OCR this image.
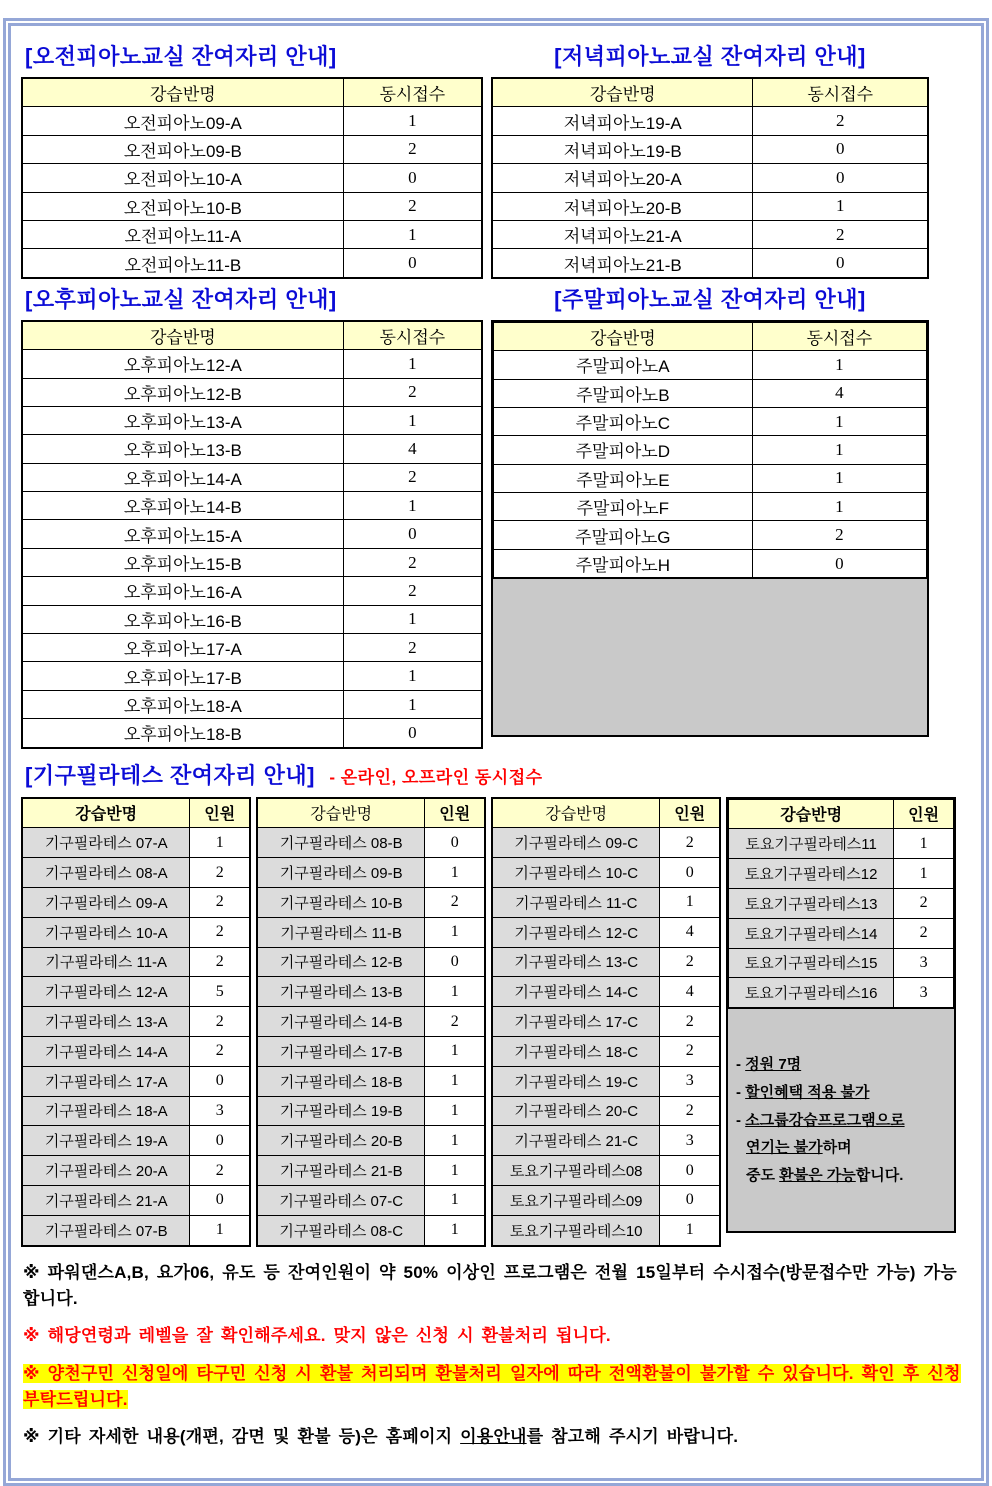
[오전피아노교실 잔여자리 안내]	[저녁피아노교실 잔여자리 안내]
강습반명	동시접수
오전피아노09-A	1
오전피아노09-B	2
오전피아노10-A	0
오전피아노10-B	2
오전피아노11-A	1
오전피아노11-B	0
강습반명	동시접수
저녁피아노19-A	2
저녁피아노19-B	0
저녁피아노20-A	0
저녁피아노20-B	1
저녁피아노21-A	2
저녁피아노21-B	0
[오후피아노교실 잔여자리 안내]	[주말피아노교실 잔여자리 안내]
강습반명	동시접수
오후피아노12-A	1
오후피아노12-B	2
오후피아노13-A	1
오후피아노13-B	4
오후피아노14-A	2
오후피아노14-B	1
오후피아노15-A	0
오후피아노15-B	2
오후피아노16-A	2
오후피아노16-B	1
오후피아노17-A	2
오후피아노17-B	1
오후피아노18-A	1
오후피아노18-B	0
강습반명	동시접수
주말피아노A	1
주말피아노B	4
주말피아노C	1
주말피아노D	1
주말피아노E	1
주말피아노F	1
주말피아노G	2
주말피아노H	0
[기구필라테스 잔여자리 안내] - 온라인, 오프라인 동시접수
강습반명	인원
기구필라테스 07-A	1
기구필라테스 08-A	2
기구필라테스 09-A	2
기구필라테스 10-A	2
기구필라테스 11-A	2
기구필라테스 12-A	5
기구필라테스 13-A	2
기구필라테스 14-A	2
기구필라테스 17-A	0
기구필라테스 18-A	3
기구필라테스 19-A	0
기구필라테스 20-A	2
기구필라테스 21-A	0
기구필라테스 07-B	1
강습반명	인원
기구필라테스 08-B	0
기구필라테스 09-B	1
기구필라테스 10-B	2
기구필라테스 11-B	1
기구필라테스 12-B	0
기구필라테스 13-B	1
기구필라테스 14-B	2
기구필라테스 17-B	1
기구필라테스 18-B	1
기구필라테스 19-B	1
기구필라테스 20-B	1
기구필라테스 21-B	1
기구필라테스 07-C	1
기구필라테스 08-C	1
강습반명	인원
기구필라테스 09-C	2
기구필라테스 10-C	0
기구필라테스 11-C	1
기구필라테스 12-C	4
기구필라테스 13-C	2
기구필라테스 14-C	4
기구필라테스 17-C	2
기구필라테스 18-C	2
기구필라테스 19-C	3
기구필라테스 20-C	2
기구필라테스 21-C	3
토요기구필라테스08	0
토요기구필라테스09	0
토요기구필라테스10	1
강습반명	인원
토요기구필라테스11	1
토요기구필라테스12	1
토요기구필라테스13	2
토요기구필라테스14	2
토요기구필라테스15	3
토요기구필라테스16	3
- 정원 7명
- 할인혜택 적용 불가
- 소그룹강습프로그램으로
연기는 불가하며
중도 환불은 가능합니다.

※ 파워댄스A,B, 요가06, 유도 등 잔여인원이 약 50% 이상인 프로그램은 전월 15일부터 수시접수(방문접수만 가능) 가능합니다.

※ 해당연령과 레벨을 잘 확인해주세요. 맞지 않은 신청 시 환불처리 됩니다.

※ 양천구민 신청일에 타구민 신청 시 환불 처리되며 환불처리 일자에 따라 전액환불이 불가할 수 있습니다. 확인 후 신청 부탁드립니다.

※ 기타 자세한 내용(개편, 감면 및 환불 등)은 홈페이지 이용안내를 참고해 주시기 바랍니다.
